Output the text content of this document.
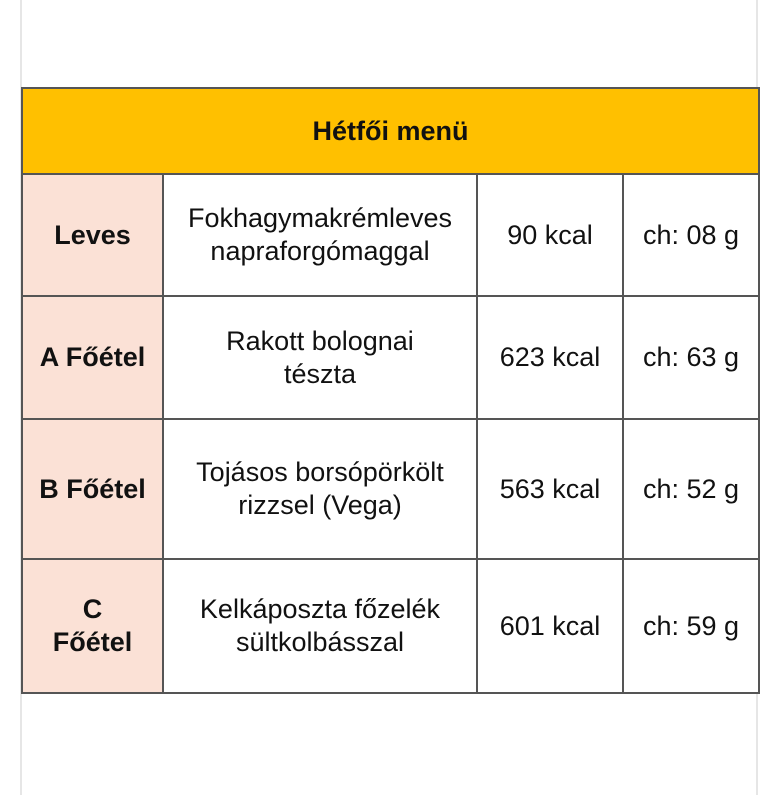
Hétfői menü			
Leves	Fokhagymakrémleves napraforgómaggal	90 kcal	ch: 08 g
A Főétel	Rakott bolognai tészta	623 kcal	ch: 63 g
B Főétel	Tojásos borsópörkölt rizzsel (Vega)	563 kcal	ch: 52 g
C Főétel	Kelkáposzta főzelék sültkolbásszal	601 kcal	ch: 59 g
